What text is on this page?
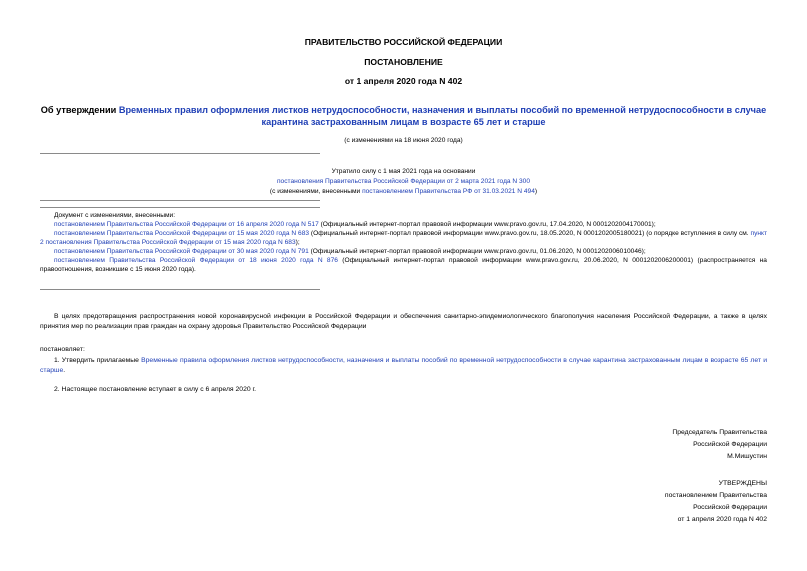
ПРАВИТЕЛЬСТВО РОССИЙСКОЙ ФЕДЕРАЦИИ
ПОСТАНОВЛЕНИЕ
от 1 апреля 2020 года N 402
Об утверждении Временных правил оформления листков нетрудоспособности, назначения и выплаты пособий по временной нетрудоспособности в случае карантина застрахованным лицам в возрасте 65 лет и старше
(с изменениями на 18 июня 2020 года)
Утратило силу с 1 мая 2021 года на основании
постановления Правительства Российской Федерации от 2 марта 2021 года N 300
(с изменениями, внесенными постановлением Правительства РФ от 31.03.2021 N 494)
Документ с изменениями, внесенными:
постановлением Правительства Российской Федерации от 16 апреля 2020 года N 517 (Официальный интернет-портал правовой информации www.pravo.gov.ru, 17.04.2020, N 0001202004170001);
постановлением Правительства Российской Федерации от 15 мая 2020 года N 683 (Официальный интернет-портал правовой информации www.pravo.gov.ru, 18.05.2020, N 0001202005180021) (о порядке вступления в силу см. пункт 2 постановления Правительства Российской Федерации от 15 мая 2020 года N 683);
постановлением Правительства Российской Федерации от 30 мая 2020 года N 791 (Официальный интернет-портал правовой информации www.pravo.gov.ru, 01.06.2020, N 0001202006010046);
постановлением Правительства Российской Федерации от 18 июня 2020 года N 876 (Официальный интернет-портал правовой информации www.pravo.gov.ru, 20.06.2020, N 0001202006200001) (распространяется на правоотношения, возникшие с 15 июня 2020 года).
В целях предотвращения распространения новой коронавирусной инфекции в Российской Федерации и обеспечения санитарно-эпидемиологического благополучия населения Российской Федерации, а также в целях принятия мер по реализации прав граждан на охрану здоровья Правительство Российской Федерации
постановляет:
1. Утвердить прилагаемые Временные правила оформления листков нетрудоспособности, назначения и выплаты пособий по временной нетрудоспособности в случае карантина застрахованным лицам в возрасте 65 лет и старше.
2. Настоящее постановление вступает в силу с 6 апреля 2020 г.
Председатель Правительства
Российской Федерации
М.Мишустин
УТВЕРЖДЕНЫ
постановлением Правительства
Российской Федерации
от 1 апреля 2020 года N 402
